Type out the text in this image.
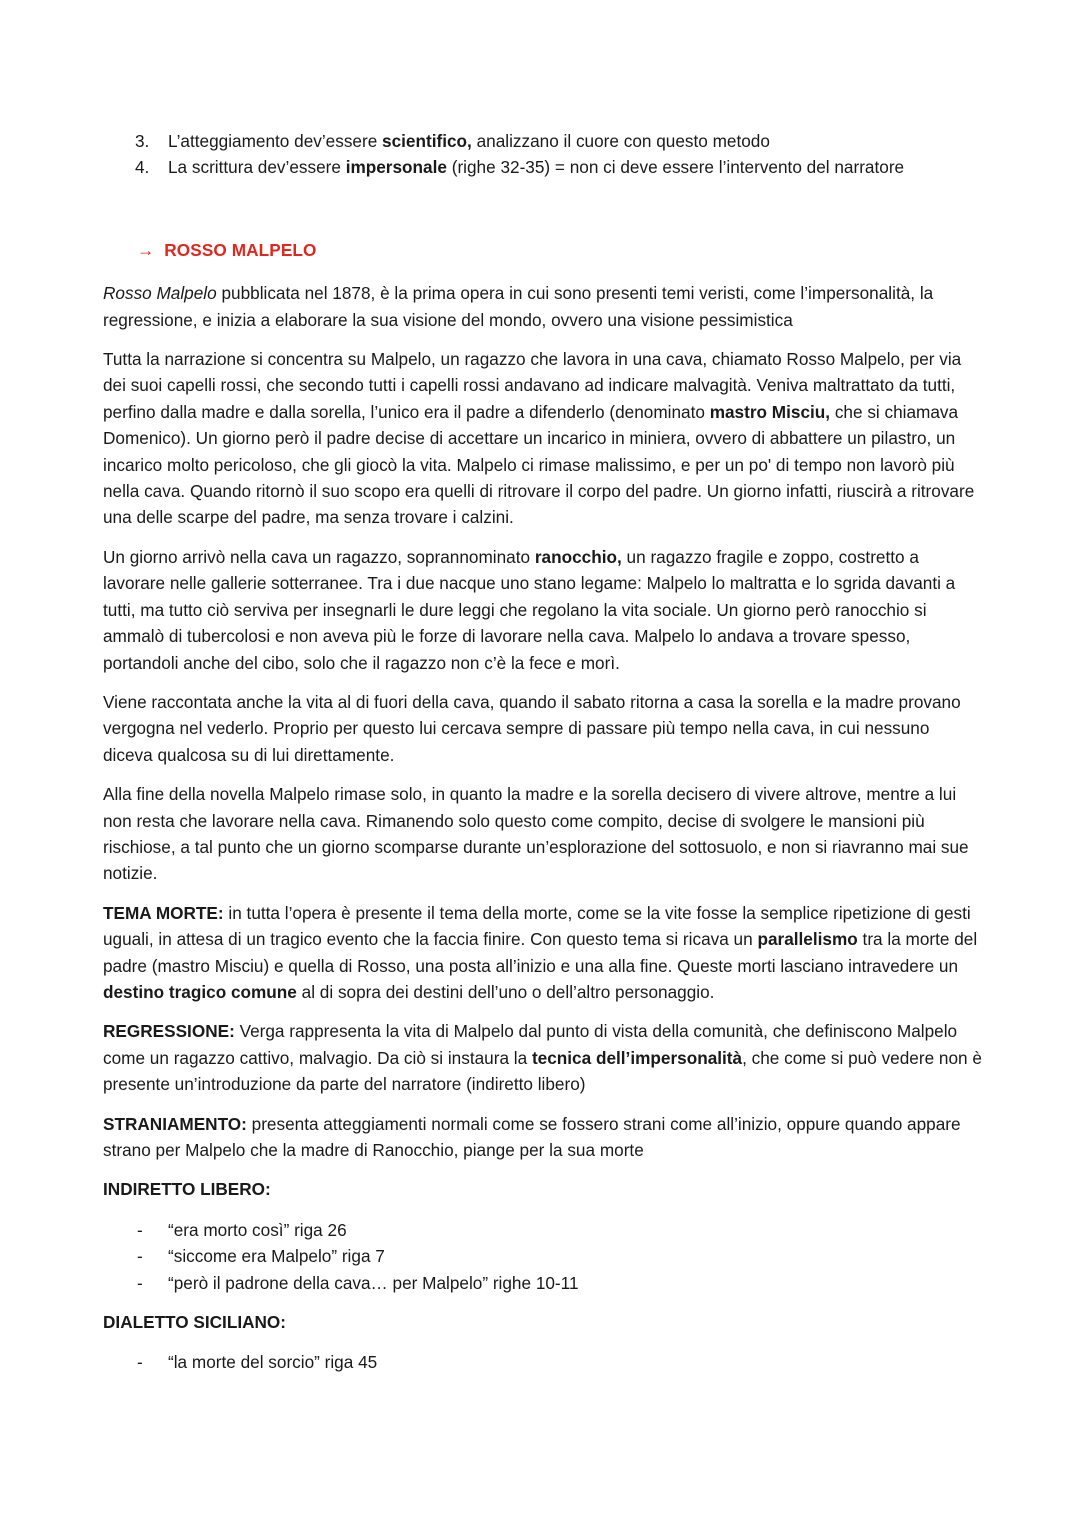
3. L’atteggiamento dev’essere scientifico, analizzano il cuore con questo metodo
4. La scrittura dev’essere impersonale (righe 32-35) = non ci deve essere l’intervento del narratore
→ ROSSO MALPELO

Rosso Malpelo pubblicata nel 1878, è la prima opera in cui sono presenti temi veristi, come l’impersonalità, la regressione, e inizia a elaborare la sua visione del mondo, ovvero una visione pessimistica

Tutta la narrazione si concentra su Malpelo, un ragazzo che lavora in una cava, chiamato Rosso Malpelo, per via dei suoi capelli rossi, che secondo tutti i capelli rossi andavano ad indicare malvagità. Veniva maltrattato da tutti, perfino dalla madre e dalla sorella, l’unico era il padre a difenderlo (denominato mastro Misciu, che si chiamava Domenico). Un giorno però il padre decise di accettare un incarico in miniera, ovvero di abbattere un pilastro, un incarico molto pericoloso, che gli giocò la vita. Malpelo ci rimase malissimo, e per un po' di tempo non lavorò più nella cava. Quando ritornò il suo scopo era quelli di ritrovare il corpo del padre. Un giorno infatti, riuscirà a ritrovare una delle scarpe del padre, ma senza trovare i calzini.

Un giorno arrivò nella cava un ragazzo, soprannominato ranocchio, un ragazzo fragile e zoppo, costretto a lavorare nelle gallerie sotterranee. Tra i due nacque uno stano legame: Malpelo lo maltratta e lo sgrida davanti a tutti, ma tutto ciò serviva per insegnarli le dure leggi che regolano la vita sociale. Un giorno però ranocchio si ammalò di tubercolosi e non aveva più le forze di lavorare nella cava. Malpelo lo andava a trovare spesso, portandoli anche del cibo, solo che il ragazzo non c’è la fece e morì.

Viene raccontata anche la vita al di fuori della cava, quando il sabato ritorna a casa la sorella e la madre provano vergogna nel vederlo. Proprio per questo lui cercava sempre di passare più tempo nella cava, in cui nessuno diceva qualcosa su di lui direttamente.

Alla fine della novella Malpelo rimase solo, in quanto la madre e la sorella decisero di vivere altrove, mentre a lui non resta che lavorare nella cava. Rimanendo solo questo come compito, decise di svolgere le mansioni più rischiose, a tal punto che un giorno scomparse durante un’esplorazione del sottosuolo, e non si riavranno mai sue notizie.

TEMA MORTE: in tutta l’opera è presente il tema della morte, come se la vite fosse la semplice ripetizione di gesti uguali, in attesa di un tragico evento che la faccia finire. Con questo tema si ricava un parallelismo tra la morte del padre (mastro Misciu) e quella di Rosso, una posta all’inizio e una alla fine. Queste morti lasciano intravedere un destino tragico comune al di sopra dei destini dell’uno o dell’altro personaggio.

REGRESSIONE: Verga rappresenta la vita di Malpelo dal punto di vista della comunità, che definiscono Malpelo come un ragazzo cattivo, malvagio. Da ciò si instaura la tecnica dell’impersonalità, che come si può vedere non è presente un’introduzione da parte del narratore (indiretto libero)

STRANIAMENTO: presenta atteggiamenti normali come se fossero strani come all’inizio, oppure quando appare strano per Malpelo che la madre di Ranocchio, piange per la sua morte

INDIRETTO LIBERO:

- “era morto così” riga 26
- “siccome era Malpelo” riga 7
- “però il padrone della cava… per Malpelo” righe 10-11

DIALETTO SICILIANO:

- “la morte del sorcio” riga 45
